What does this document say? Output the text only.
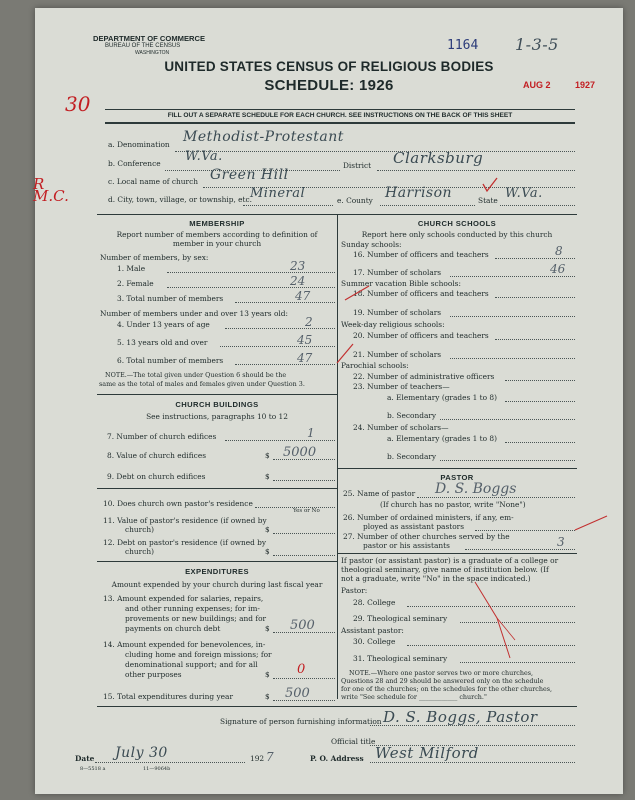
DEPARTMENT OF COMMERCE
BUREAU OF THE CENSUS
WASHINGTON
UNITED STATES CENSUS OF RELIGIOUS BODIES
SCHEDULE: 1926
1164 1-3-5
AUG 2	1927
30	FILL OUT A SEPARATE SCHEDULE FOR EACH CHURCH. SEE INSTRUCTIONS ON THE BACK OF THIS SHEET
R
M.C.
a. Denomination Methodist-Protestant
b. Conference W.Va.
District Clarksburg
c. Local name of church Green Hill
d. City, town, village, or township, etc.
Mineral	e. County Harrison	State W.Va.
MEMBERSHIP
Report number of members according to definition of
member in your church
Number of members, by sex:
1. Male	23
2. Female	24
3. Total number of members	47
Number of members under and over 13 years old:
4. Under 13 years of age	2
5. 13 years old and over	45
6. Total number of members	47
NOTE.—The total given under Question 6 should be the
same as the total of males and females given under Question 3.
CHURCH BUILDINGS
See instructions, paragraphs 10 to 12
7. Number of church edifices	1
8. Value of church edifices	$ 5000
9. Debt on church edifices	$
10. Does church own pastor's residence
Yes or No
11. Value of pastor's residence (if owned by
church)	$
12. Debt on pastor's residence (if owned by
church)	$
EXPENDITURES
Amount expended by your church during last fiscal year
13. Amount expended for salaries, repairs,
and other running expenses; for im-
provements or new buildings; and for
payments on church debt	$ 500
14. Amount expended for benevolences, in-
cluding home and foreign missions; for
denominational support; and for all
other purposes	$ 0
15. Total expenditures during year	$ 500
CHURCH SCHOOLS
Report here only schools conducted by this church
Sunday schools:
16. Number of officers and teachers	8
17. Number of scholars	46
Summer vacation Bible schools:
18. Number of officers and teachers
19. Number of scholars
Week-day religious schools:
20. Number of officers and teachers
21. Number of scholars
Parochial schools:
22. Number of administrative officers
23. Number of teachers—
a. Elementary (grades 1 to 8)
b. Secondary
24. Number of scholars—
a. Elementary (grades 1 to 8)
b. Secondary
PASTOR
25. Name of pastor D. S. Boggs
(If church has no pastor, write "None")
26. Number of ordained ministers, if any, em-
ployed as assistant pastors
27. Number of other churches served by the
pastor or his assistants	3
If pastor (or assistant pastor) is a graduate of a college or
theological seminary, give name of institution below. (If
not a graduate, write "No" in the space indicated.)
Pastor:
28. College
29. Theological seminary
Assistant pastor:
30. College
31. Theological seminary
NOTE.—Where one pastor serves two or more churches,
Questions 28 and 29 should be answered only on the schedule
for one of the churches; on the schedules for the other churches,
write "See schedule for ____________ church."
Signature of person furnishing information D. S. Boggs, Pastor
Official title
Date July 30	192 7	P. O. Address West Milford
8—5518 a	11—9064b
